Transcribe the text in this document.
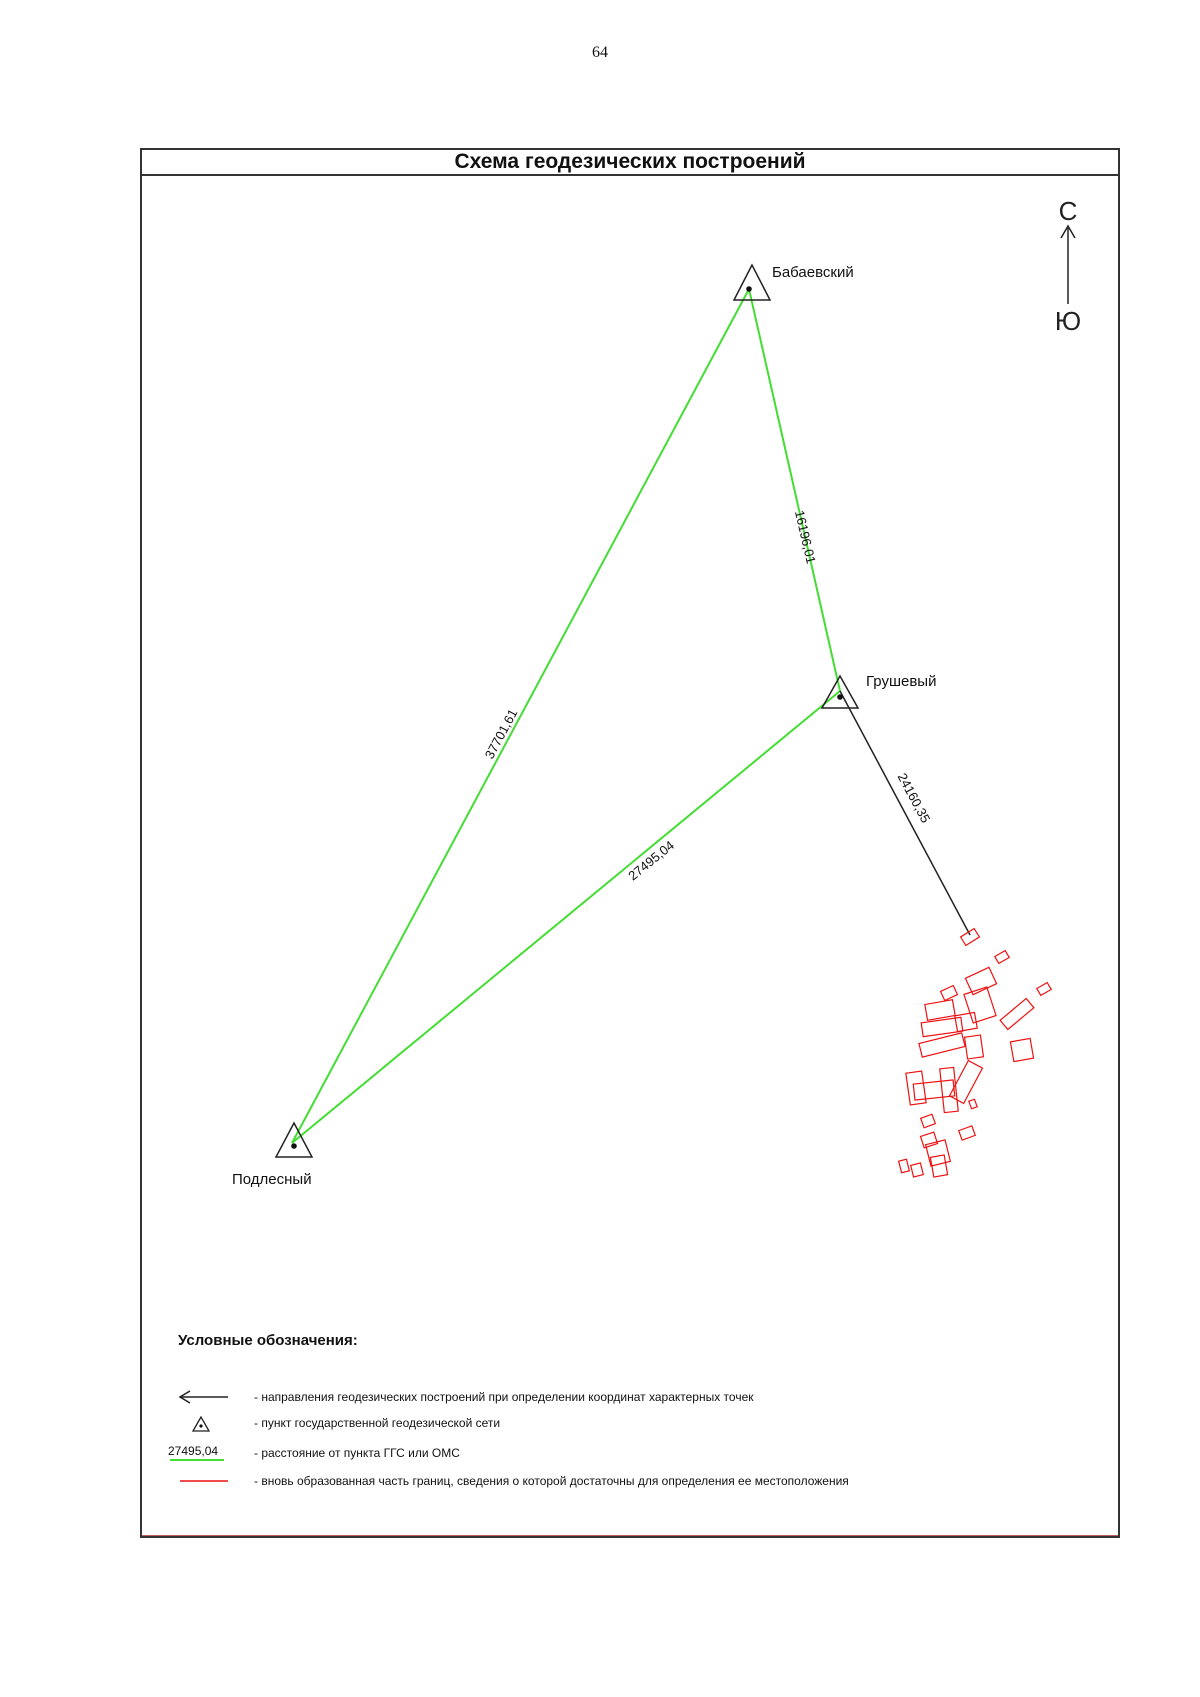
64
Схема геодезических построений
С
Ю
16196,01
37701,61
27495,04
24160,35
Бабаевский
Грушевый
Подлесный
Условные обозначения:
- направления геодезических построений при определении координат характерных точек
- пункт государственной геодезической сети
27495,04	- расстояние от пункта ГГС или ОМС
- вновь образованная часть границ, сведения о которой достаточны для определения ее местоположения
